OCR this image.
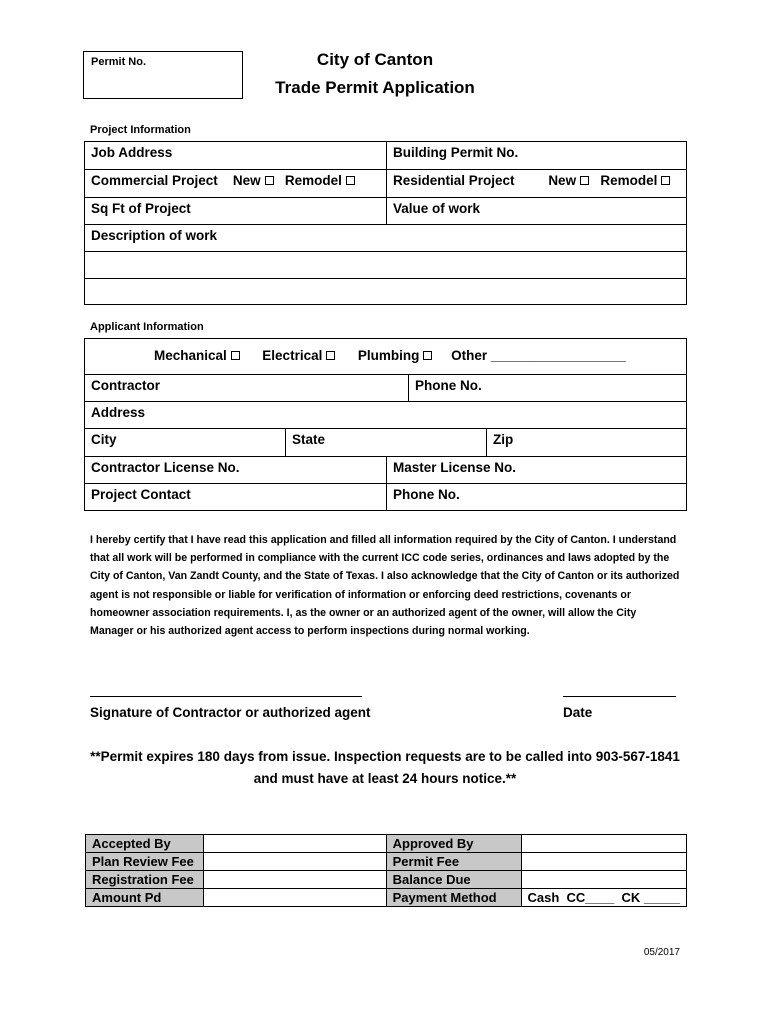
Permit No.	City of Canton
Trade Permit Application
Project Information
Job Address	Building Permit No.
Commercial Project New Remodel	Residential Project	New Remodel
Sq Ft of Project	Value of work
Description of work
Applicant Information
Mechanical	Electrical	Plumbing Other __________________
Contractor	Phone No.
Address
City	State	Zip
Contractor License No.	Master License No.
Project Contact	Phone No.
I hereby certify that I have read this application and filled all information required by the City of Canton. I understand that all work will be performed in compliance with the current ICC code series, ordinances and laws adopted by the City of Canton, Van Zandt County, and the State of Texas. I also acknowledge that the City of Canton or its authorized agent is not responsible or liable for verification of information or enforcing deed restrictions, covenants or homeowner association requirements. I, as the owner or an authorized agent of the owner, will allow the City Manager or his authorized agent access to perform inspections during normal working.
Signature of Contractor or authorized agent	Date
**Permit expires 180 days from issue. Inspection requests are to be called into 903-567-1841
and must have at least 24 hours notice.**
Accepted By		Approved By	
Plan Review Fee		Permit Fee	
Registration Fee		Balance Due	
Amount Pd		Payment Method	Cash  CC____  CK _____
05/2017
